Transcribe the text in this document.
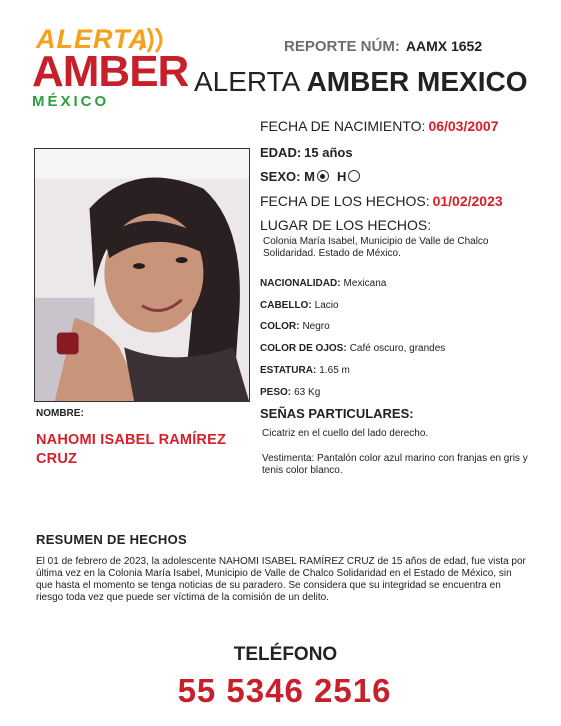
ALERTA
AMBER
MÉXICO
REPORTE NÚM: AAMX 1652
ALERTA AMBER MEXICO

NOMBRE:
NAHOMI ISABEL RAMÍREZ CRUZ
FECHA DE NACIMIENTO: 06/03/2007
EDAD: 15 años
SEXO: M H
FECHA DE LOS HECHOS: 01/02/2023
LUGAR DE LOS HECHOS:
Colonia María Isabel, Municipio de Valle de Chalco Solidaridad. Estado de México.
NACIONALIDAD: Mexicana
CABELLO: Lacio
COLOR: Negro
COLOR DE OJOS: Café oscuro, grandes
ESTATURA: 1.65 m
PESO: 63 Kg
SEÑAS PARTICULARES:
Cicatriz en el cuello del lado derecho.
Vestimenta: Pantalón color azul marino con franjas en gris y tenis color blanco.
RESUMEN DE HECHOS
El 01 de febrero de 2023, la adolescente NAHOMI ISABEL RAMÍREZ CRUZ de 15 años de edad, fue vista por última vez en la Colonia María Isabel, Municipio de Valle de Chalco Solidaridad en el Estado de México, sin que hasta el momento se tenga noticias de su paradero. Se considera que su integridad se encuentra en riesgo toda vez que puede ser víctima de la comisión de un delito.
TELÉFONO
55 5346 2516
